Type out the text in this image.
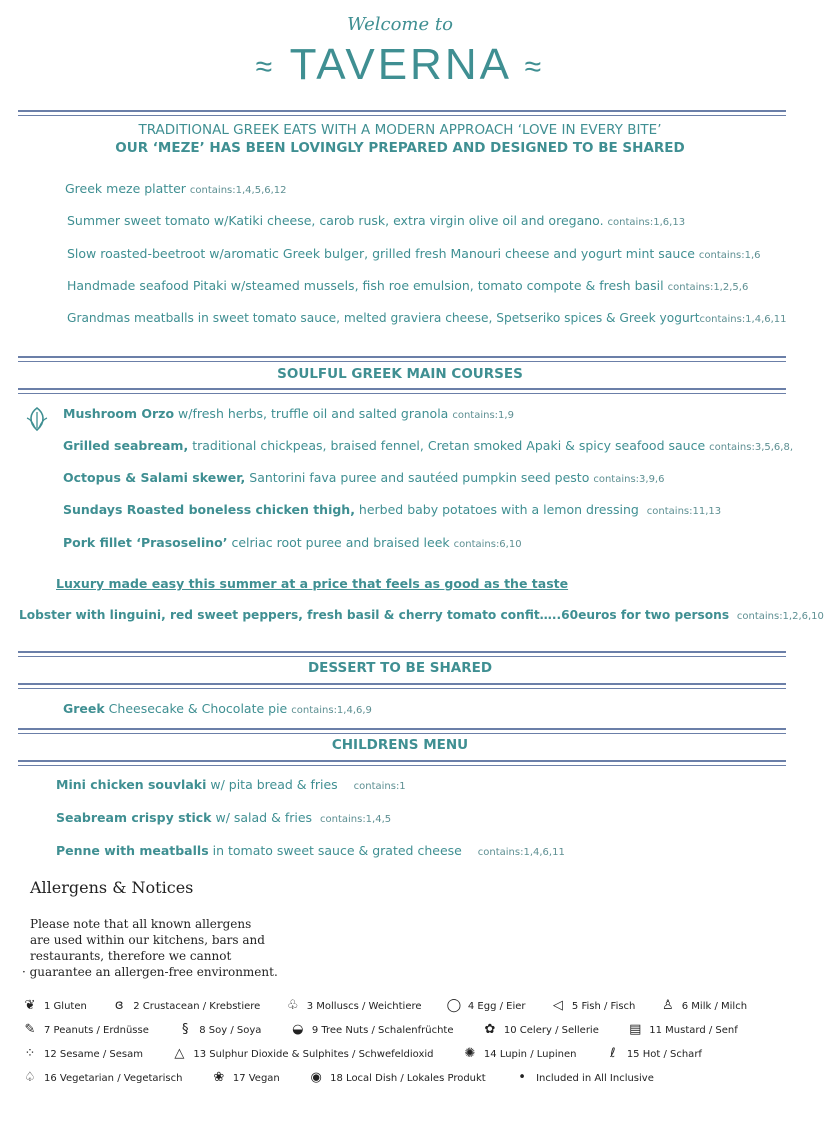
Welcome to
≈ TAVERNA ≈
TRADITIONAL GREEK EATS WITH A MODERN APPROACH ‘LOVE IN EVERY BITE’
OUR ‘MEZE’ HAS BEEN LOVINGLY PREPARED AND DESIGNED TO BE SHARED
Greek meze platter contains:1,4,5,6,12
Summer sweet tomato w/Katiki cheese, carob rusk, extra virgin olive oil and oregano. contains:1,6,13
Slow roasted-beetroot w/aromatic Greek bulger, grilled fresh Manouri cheese and yogurt mint sauce contains:1,6
Handmade seafood Pitaki w/steamed mussels, fish roe emulsion, tomato compote & fresh basil contains:1,2,5,6
Grandmas meatballs in sweet tomato sauce, melted graviera cheese, Spetseriko spices & Greek yogurtcontains:1,4,6,11
SOULFUL GREEK MAIN COURSES
Mushroom Orzo w/fresh herbs, truffle oil and salted granola contains:1,9
Grilled seabream, traditional chickpeas, braised fennel, Cretan smoked Apaki & spicy seafood sauce contains:3,5,6,8,
Octopus & Salami skewer, Santorini fava puree and sautéed pumpkin seed pesto contains:3,9,6
Sundays Roasted boneless chicken thigh, herbed baby potatoes with a lemon dressing contains:11,13
Pork fillet ‘Prasoselino’ celriac root puree and braised leek contains:6,10
Luxury made easy this summer at a price that feels as good as the taste
Lobster with linguini, red sweet peppers, fresh basil & cherry tomato confit…..60euros for two persons contains:1,2,6,10
DESSERT TO BE SHARED
Greek Cheesecake & Chocolate pie contains:1,4,6,9
CHILDRENS MENU
Mini chicken souvlaki w/ pita bread & fries contains:1
Seabream crispy stick w/ salad & fries contains:1,4,5
Penne with meatballs in tomato sweet sauce & grated cheese contains:1,4,6,11
Allergens & Notices
Please note that all known allergens
are used within our kitchens, bars and
restaurants, therefore we cannot
· guarantee an allergen-free environment.
❦ 1 Gluten ɞ 2 Crustacean / Krebstiere ♧ 3 Molluscs / Weichtiere ◯ 4 Egg / Eier ◁ 5 Fish / Fisch ♙ 6 Milk / Milch
✎ 7 Peanuts / Erdnüsse	§ 8 Soy / Soya ◒ 9 Tree Nuts / Schalenfrüchte ✿ 10 Celery / Sellerie ▤ 11 Mustard / Senf
⁘ 12 Sesame / Sesam △ 13 Sulphur Dioxide & Sulphites / Schwefeldioxid ✺ 14 Lupin / Lupinen	ℓ 15 Hot / Scharf
♤ 16 Vegetarian / Vegetarisch ❀ 17 Vegan ◉ 18 Local Dish / Lokales Produkt	• Included in All Inclusive
